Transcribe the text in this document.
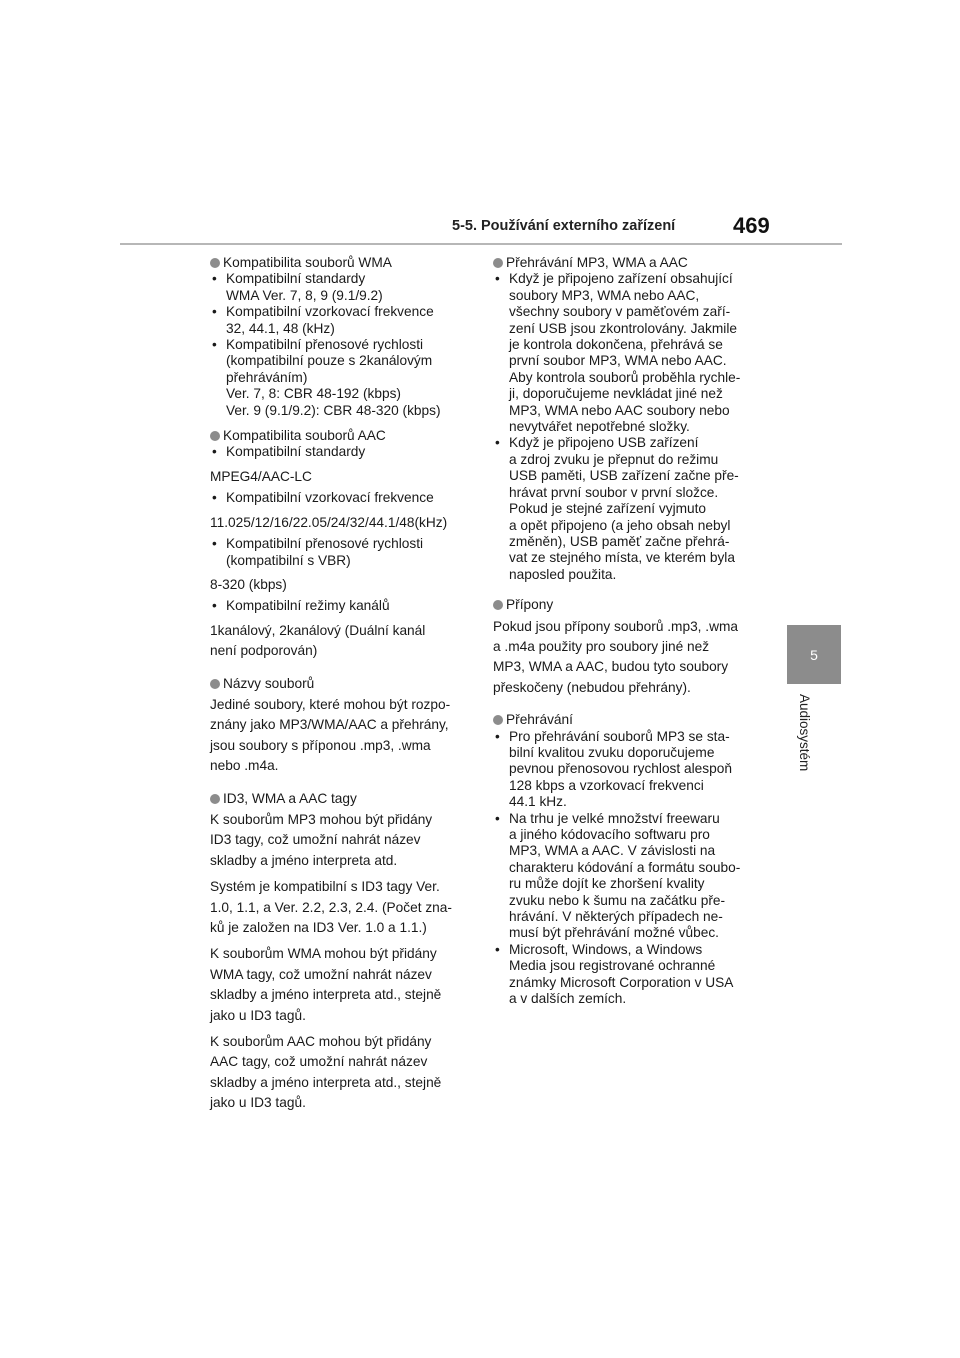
5-5. Používání externího zařízení	469
5
Audiosystém

Kompatibilita souborů WMA

• Kompatibilní standardy
WMA Ver. 7, 8, 9 (9.1/9.2)
• Kompatibilní vzorkovací frekvence
32, 44.1, 48 (kHz)
• Kompatibilní přenosové rychlosti
(kompatibilní pouze s 2kanálovým
přehráváním)
Ver. 7, 8: CBR 48-192 (kbps)
Ver. 9 (9.1/9.2): CBR 48-320 (kbps)

Kompatibilita souborů AAC

• Kompatibilní standardy

MPEG4/AAC-LC

• Kompatibilní vzorkovací frekvence

11.025/12/16/22.05/24/32/44.1/48(kHz)

• Kompatibilní přenosové rychlosti
(kompatibilní s VBR)

8-320 (kbps)

• Kompatibilní režimy kanálů

1kanálový, 2kanálový (Duální kanál
není podporován)

Názvy souborů

Jediné soubory, které mohou být rozpo-
znány jako MP3/WMA/AAC a přehrány,
jsou soubory s příponou .mp3, .wma
nebo .m4a.

ID3, WMA a AAC tagy

K souborům MP3 mohou být přidány
ID3 tagy, což umožní nahrát název
skladby a jméno interpreta atd.

Systém je kompatibilní s ID3 tagy Ver.
1.0, 1.1, a Ver. 2.2, 2.3, 2.4. (Počet zna-
ků je založen na ID3 Ver. 1.0 a 1.1.)

K souborům WMA mohou být přidány
WMA tagy, což umožní nahrát název
skladby a jméno interpreta atd., stejně
jako u ID3 tagů.

K souborům AAC mohou být přidány
AAC tagy, což umožní nahrát název
skladby a jméno interpreta atd., stejně
jako u ID3 tagů.

Přehrávání MP3, WMA a AAC

• Když je připojeno zařízení obsahující
soubory MP3, WMA nebo AAC,
všechny soubory v paměťovém zaří-
zení USB jsou zkontrolovány. Jakmile
je kontrola dokončena, přehrává se
první soubor MP3, WMA nebo AAC.
Aby kontrola souborů proběhla rychle-
ji, doporučujeme nevkládat jiné než
MP3, WMA nebo AAC soubory nebo
nevytvářet nepotřebné složky.
• Když je připojeno USB zařízení
a zdroj zvuku je přepnut do režimu
USB paměti, USB zařízení začne pře-
hrávat první soubor v první složce.
Pokud je stejné zařízení vyjmuto
a opět připojeno (a jeho obsah nebyl
změněn), USB paměť začne přehrá-
vat ze stejného místa, ve kterém byla
naposled použita.

Přípony

Pokud jsou přípony souborů .mp3, .wma
a .m4a použity pro soubory jiné než
MP3, WMA a AAC, budou tyto soubory
přeskočeny (nebudou přehrány).

Přehrávání

• Pro přehrávání souborů MP3 se sta-
bilní kvalitou zvuku doporučujeme
pevnou přenosovou rychlost alespoň
128 kbps a vzorkovací frekvenci
44.1 kHz.
• Na trhu je velké množství freewaru
a jiného kódovacího softwaru pro
MP3, WMA a AAC. V závislosti na
charakteru kódování a formátu soubo-
ru může dojít ke zhoršení kvality
zvuku nebo k šumu na začátku pře-
hrávání. V některých případech ne-
musí být přehrávání možné vůbec.
• Microsoft, Windows, a Windows
Media jsou registrované ochranné
známky Microsoft Corporation v USA
a v dalších zemích.
